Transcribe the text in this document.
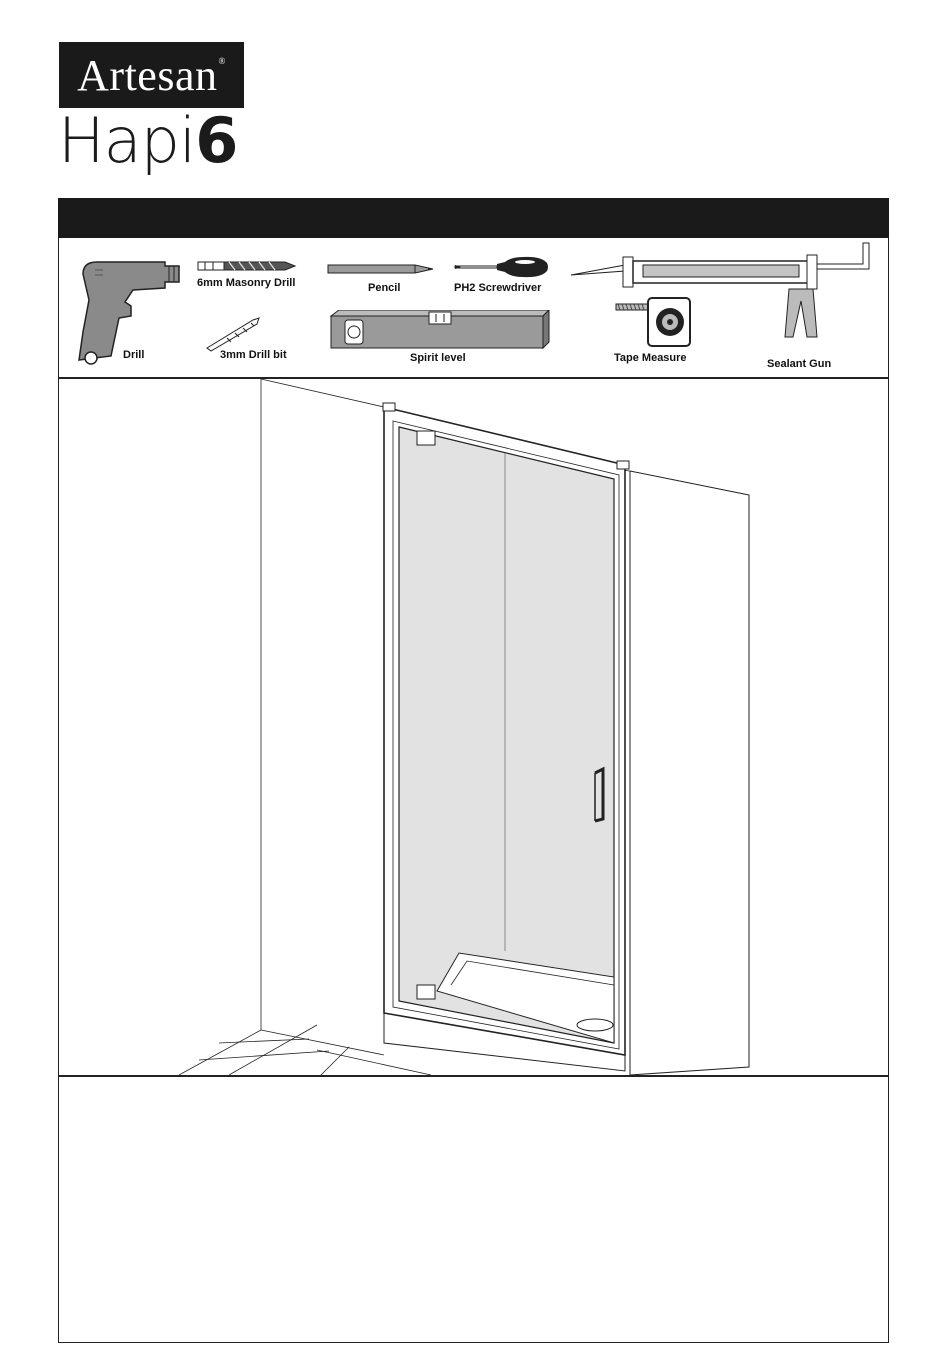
Artesan®
Hapi6
Drill
6mm Masonry Drill
3mm Drill bit
Pencil	PH2 Screwdriver
Spirit level	Tape Measure	Sealant Gun
